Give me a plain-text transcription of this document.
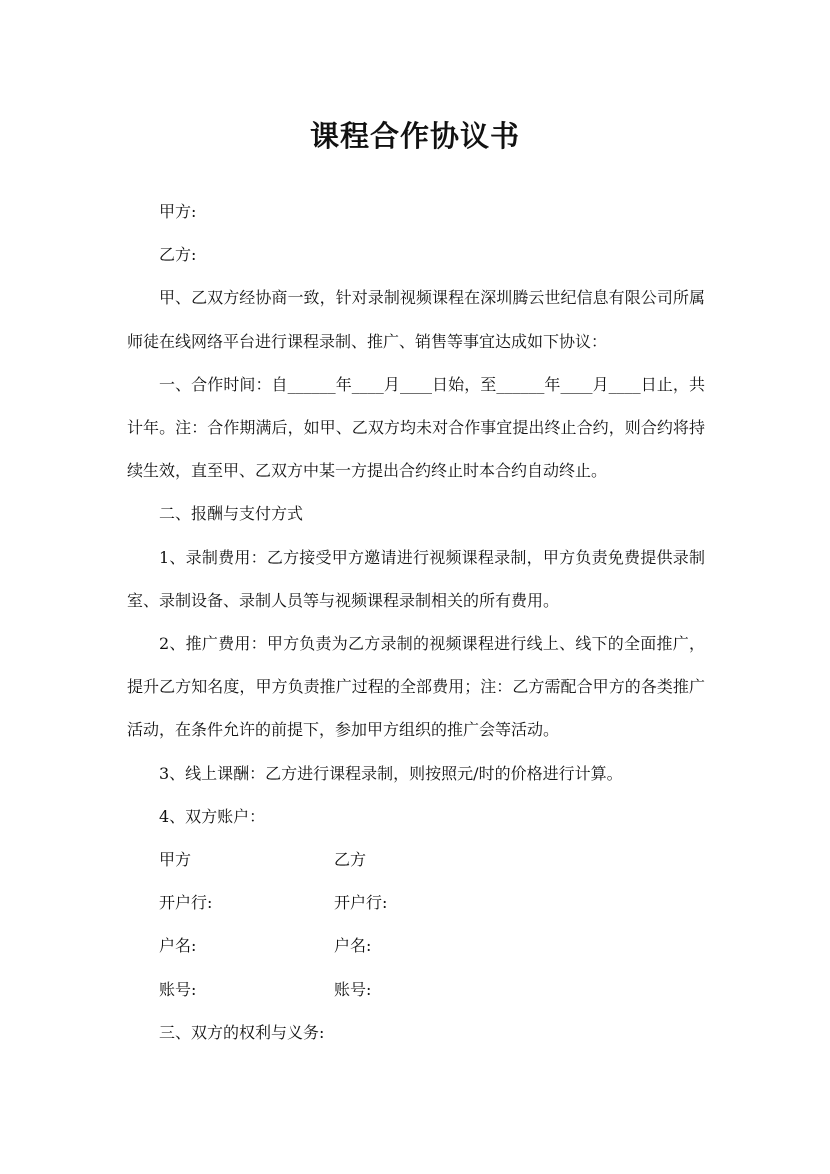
课程合作协议书

甲方:

乙方:

甲、乙双方经协商一致，针对录制视频课程在深圳腾云世纪信息有限公司所属师徒在线网络平台进行课程录制、推广、销售等事宜达成如下协议：

一、合作时间：自______年____月____日始，至______年____月____日止，共计年。注：合作期满后，如甲、乙双方均未对合作事宜提出终止合约，则合约将持续生效，直至甲、乙双方中某一方提出合约终止时本合约自动终止。

二、报酬与支付方式

1、录制费用：乙方接受甲方邀请进行视频课程录制，甲方负责免费提供录制室、录制设备、录制人员等与视频课程录制相关的所有费用。

2、推广费用：甲方负责为乙方录制的视频课程进行线上、线下的全面推广，提升乙方知名度，甲方负责推广过程的全部费用；注：乙方需配合甲方的各类推广活动，在条件允许的前提下，参加甲方组织的推广会等活动。

3、线上课酬：乙方进行课程录制，则按照元/时的价格进行计算。

4、双方账户：

甲方	乙方
开户行:	开户行:
户名:	户名:
账号:	账号:

三、双方的权利与义务:
